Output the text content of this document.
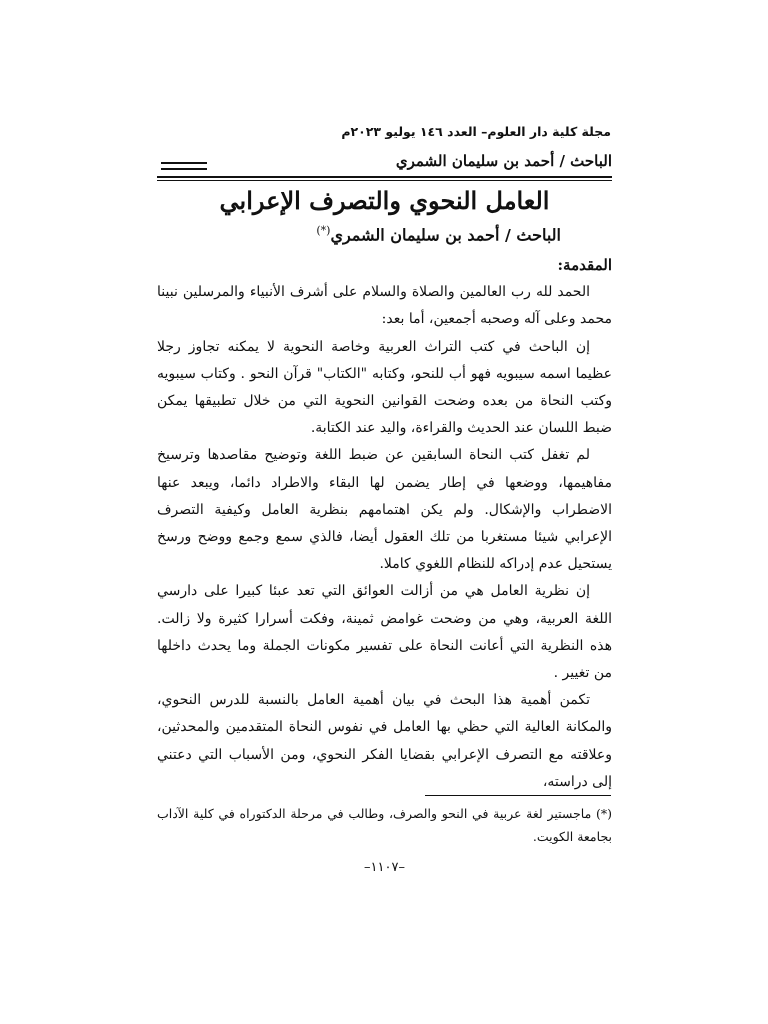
مجلة كلية دار العلوم– العدد ١٤٦ يوليو ٢٠٢٣م
الباحث / أحمد بن سليمان الشمري
العامل النحوي والتصرف الإعرابي
الباحث / أحمد بن سليمان الشمري(*)
المقدمة:

الحمد لله رب العالمين والصلاة والسلام على أشرف الأنبياء والمرسلين نبينا محمد وعلى آله وصحبه أجمعين، أما بعد:

إن الباحث في كتب التراث العربية وخاصة النحوية لا يمكنه تجاوز رجلا عظيما اسمه سيبويه فهو أب للنحو، وكتابه "الكتاب" قرآن النحو . وكتاب سيبويه وكتب النحاة من بعده وضحت القوانين النحوية التي من خلال تطبيقها يمكن ضبط اللسان عند الحديث والقراءة، واليد عند الكتابة.

لم تغفل كتب النحاة السابقين عن ضبط اللغة وتوضيح مقاصدها وترسيخ مفاهيمها، ووضعها في إطار يضمن لها البقاء والاطراد دائما، ويبعد عنها الاضطراب والإشكال. ولم يكن اهتمامهم بنظرية العامل وكيفية التصرف الإعرابي شيئا مستغربا من تلك العقول أيضا، فالذي سمع وجمع ووضح ورسخ يستحيل عدم إدراكه للنظام اللغوي كاملا.

إن نظرية العامل هي من أزالت العوائق التي تعد عبئا كبيرا على دارسي اللغة العربية، وهي من وضحت غوامض ثمينة، وفكت أسرارا كثيرة ولا زالت. هذه النظرية التي أعانت النحاة على تفسير مكونات الجملة وما يحدث داخلها من تغيير .

تكمن أهمية هذا البحث في بيان أهمية العامل بالنسبة للدرس النحوي، والمكانة العالية التي حظي بها العامل في نفوس النحاة المتقدمين والمحدثين، وعلاقته مع التصرف الإعرابي بقضايا الفكر النحوي، ومن الأسباب التي دعتني إلى دراسته،

(*) ماجستير لغة عربية في النحو والصرف، وطالب في مرحلة الدكتوراه في كلية الآداب بجامعة الكويت.
–١١٠٧–
